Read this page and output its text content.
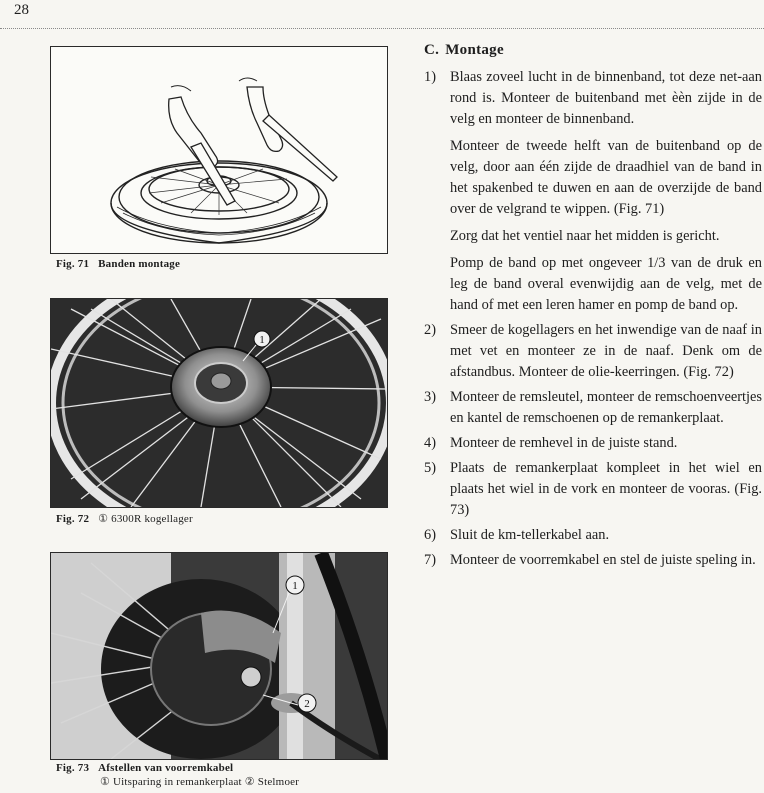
28
Fig. 71 Banden montage
1
Fig. 72 ① 6300R kogellager
1
2
Fig. 73 Afstellen van voorremkabel
① Uitsparing in remankerplaat ② Stelmoer
C. Montage
1) Blaas zoveel lucht in de binnenband, tot deze net-aan rond is. Monteer de buitenband met èèn zijde in de velg en monteer de binnenband.

Monteer de tweede helft van de buitenband op de velg, door aan één zijde de draadhiel van de band in het spakenbed te duwen en aan de overzijde de band over de velgrand te wippen. (Fig. 71)

Zorg dat het ventiel naar het midden is gericht.

Pomp de band op met ongeveer 1/3 van de druk en leg de band overal evenwijdig aan de velg, met de hand of met een leren hamer en pomp de band op.

2) Smeer de kogellagers en het inwendige van de naaf in met vet en monteer ze in de naaf. Denk om de afstandbus. Monteer de olie-keerringen. (Fig. 72)

3) Monteer de remsleutel, monteer de remschoenveertjes en kantel de remschoenen op de remankerplaat.

4) Monteer de remhevel in de juiste stand.

5) Plaats de remankerplaat kompleet in het wiel en plaats het wiel in de vork en monteer de vooras. (Fig. 73)

6) Sluit de km-tellerkabel aan.

7) Monteer de voorremkabel en stel de juiste speling in.
